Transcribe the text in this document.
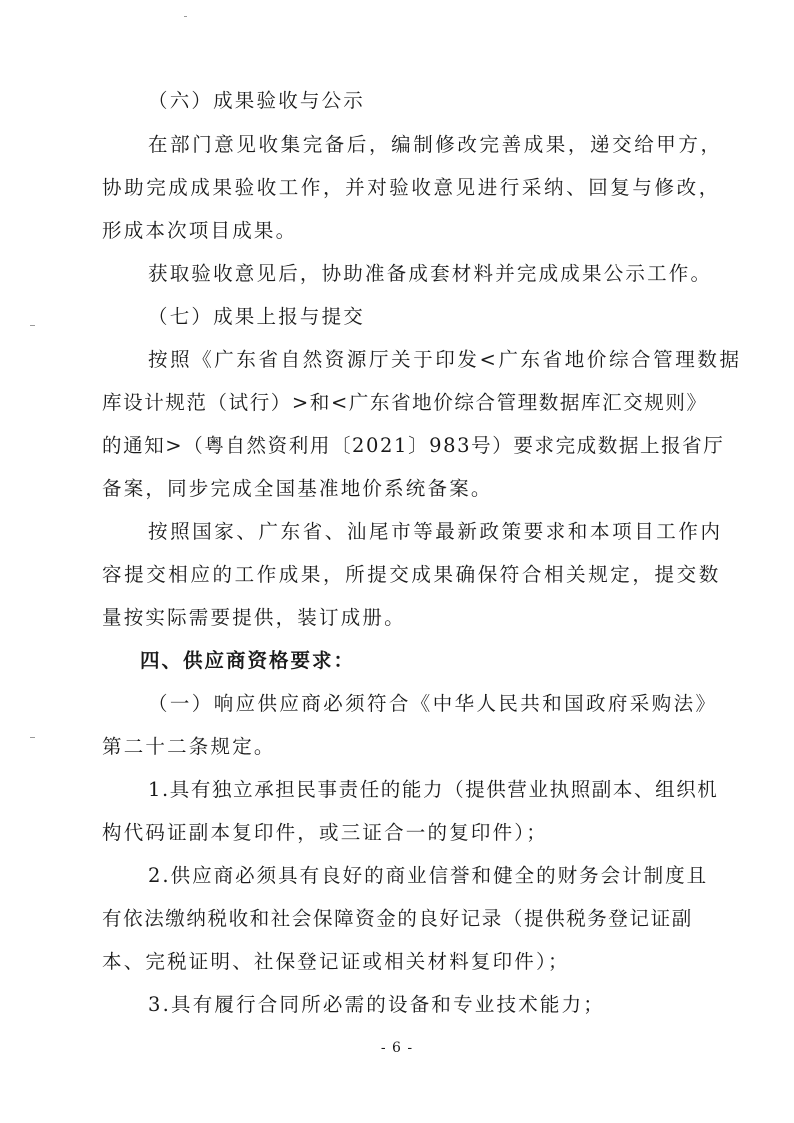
（六）成果验收与公示
在部门意见收集完备后，编制修改完善成果，递交给甲方，
协助完成成果验收工作，并对验收意见进行采纳、回复与修改，
形成本次项目成果。
获取验收意见后，协助准备成套材料并完成成果公示工作。
（七）成果上报与提交
按照《广东省自然资源厅关于印发<广东省地价综合管理数据
库设计规范（试行）>和<广东省地价综合管理数据库汇交规则》
的通知>（粤自然资利用〔2021〕983号）要求完成数据上报省厅
备案，同步完成全国基准地价系统备案。
按照国家、广东省、汕尾市等最新政策要求和本项目工作内
容提交相应的工作成果，所提交成果确保符合相关规定，提交数
量按实际需要提供，装订成册。
四、供应商资格要求：
（一）响应供应商必须符合《中华人民共和国政府采购法》
第二十二条规定。
1.具有独立承担民事责任的能力（提供营业执照副本、组织机
构代码证副本复印件，或三证合一的复印件）；
2.供应商必须具有良好的商业信誉和健全的财务会计制度且
有依法缴纳税收和社会保障资金的良好记录（提供税务登记证副
本、完税证明、社保登记证或相关材料复印件）；
3.具有履行合同所必需的设备和专业技术能力；
- 6 -
